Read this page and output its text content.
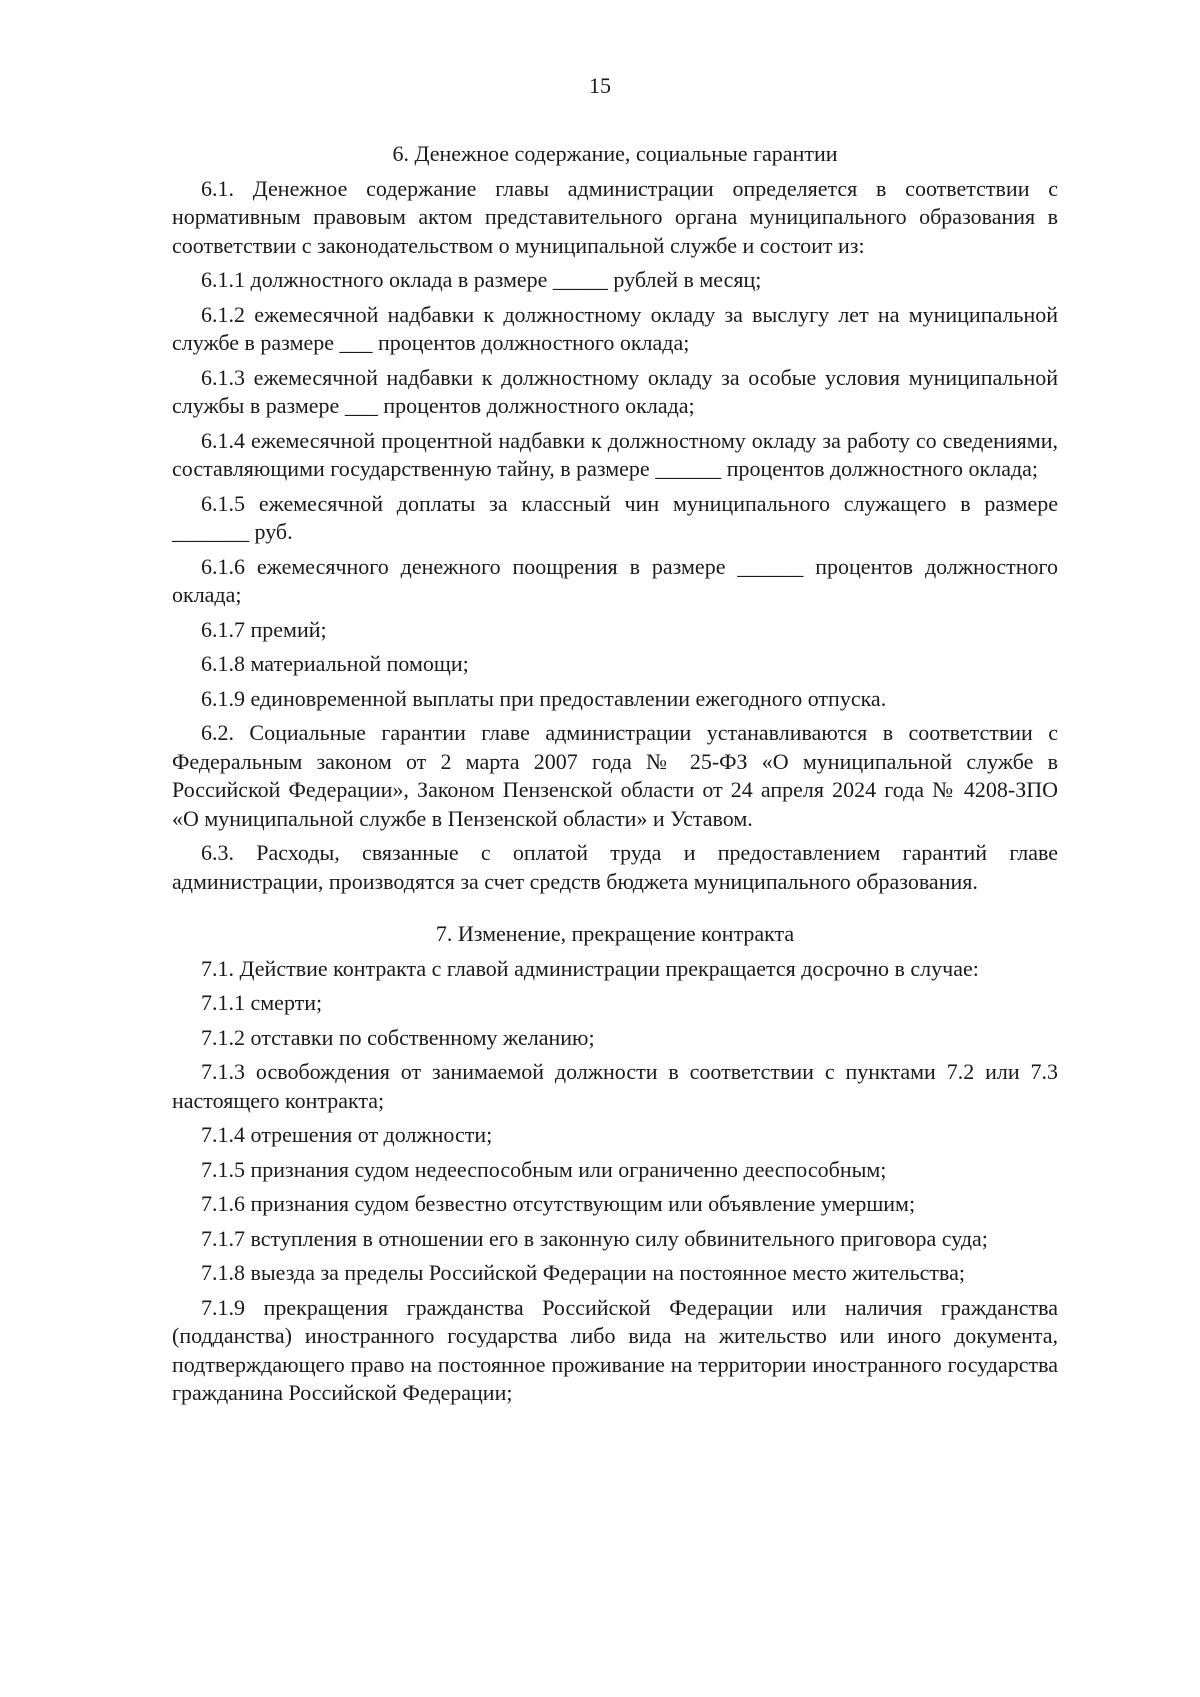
15
6. Денежное содержание, социальные гарантии

6.1. Денежное содержание главы администрации определяется в соответствии с нормативным правовым актом представительного органа муниципального образования в соответствии с законодательством о муниципальной службе и состоит из:

6.1.1 должностного оклада в размере _____ рублей в месяц;

6.1.2 ежемесячной надбавки к должностному окладу за выслугу лет на муниципальной службе в размере ___ процентов должностного оклада;

6.1.3 ежемесячной надбавки к должностному окладу за особые условия муниципальной службы в размере ___ процентов должностного оклада;

6.1.4 ежемесячной процентной надбавки к должностному окладу за работу со сведениями, составляющими государственную тайну, в размере ______ процентов должностного оклада;

6.1.5 ежемесячной доплаты за классный чин муниципального служащего в размере _______ руб.

6.1.6 ежемесячного денежного поощрения в размере ______ процентов должностного оклада;

6.1.7 премий;

6.1.8 материальной помощи;

6.1.9 единовременной выплаты при предоставлении ежегодного отпуска.

6.2. Социальные гарантии главе администрации устанавливаются в соответствии с Федеральным законом от 2 марта 2007 года № 25-ФЗ «О муниципальной службе в Российской Федерации», Законом Пензенской области от 24 апреля 2024 года № 4208-ЗПО «О муниципальной службе в Пензенской области» и Уставом.

6.3. Расходы, связанные с оплатой труда и предоставлением гарантий главе администрации, производятся за счет средств бюджета муниципального образования.

7. Изменение, прекращение контракта

7.1. Действие контракта с главой администрации прекращается досрочно в случае:

7.1.1 смерти;

7.1.2 отставки по собственному желанию;

7.1.3 освобождения от занимаемой должности в соответствии с пунктами 7.2 или 7.3 настоящего контракта;

7.1.4 отрешения от должности;

7.1.5 признания судом недееспособным или ограниченно дееспособным;

7.1.6 признания судом безвестно отсутствующим или объявление умершим;

7.1.7 вступления в отношении его в законную силу обвинительного приговора суда;

7.1.8 выезда за пределы Российской Федерации на постоянное место жительства;

7.1.9 прекращения гражданства Российской Федерации или наличия гражданства (подданства) иностранного государства либо вида на жительство или иного документа, подтверждающего право на постоянное проживание на территории иностранного государства гражданина Российской Федерации;
